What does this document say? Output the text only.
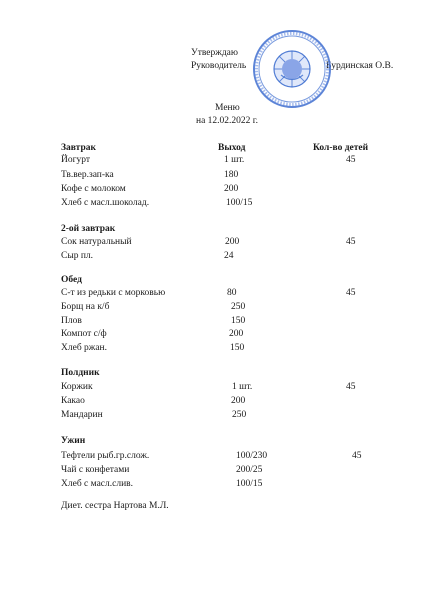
Утверждаю
Руководитель	Бурдинская О.В.
Меню
на 12.02.2022 г.
Завтрак	Выход	Кол-во детей
Йогурт	1 шт.	45
Тв.вер.зап-ка	180
Кофе с молоком	200
Хлеб с масл.шоколад.	100/15
2-ой завтрак
Сок натуральный	200	45
Сыр пл.	24
Обед
С-т из редьки с морковью	80	45
Борщ на к/б	250
Плов	150
Компот с/ф	200
Хлеб ржан.	150
Полдник
Коржик	1 шт.	45
Какао	200
Мандарин	250
Ужин
Тефтели рыб.гр.слож.	100/230	45
Чай с конфетами	200/25
Хлеб с масл.слив.	100/15
Диет. сестра Нартова М.Л.
